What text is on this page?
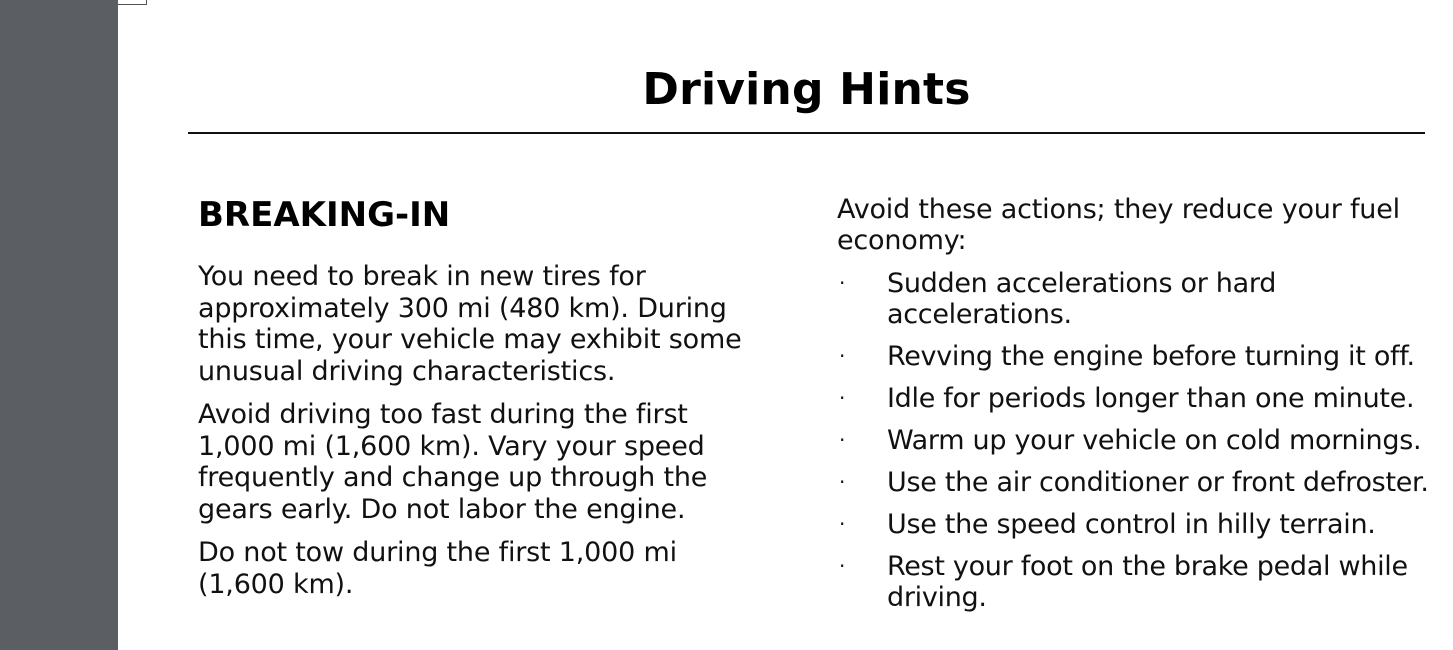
Driving Hints
BREAKING-IN

You need to break in new tires for approximately 300 mi (480 km). During this time, your vehicle may exhibit some unusual driving characteristics.

Avoid driving too fast during the first 1,000 mi (1,600 km). Vary your speed frequently and change up through the gears early. Do not labor the engine.

Do not tow during the first 1,000 mi (1,600 km).

Avoid these actions; they reduce your fuel economy:

· Sudden accelerations or hard accelerations.
· Revving the engine before turning it off.
· Idle for periods longer than one minute.
· Warm up your vehicle on cold mornings.
· Use the air conditioner or front defroster.
· Use the speed control in hilly terrain.
· Rest your foot on the brake pedal while driving.
